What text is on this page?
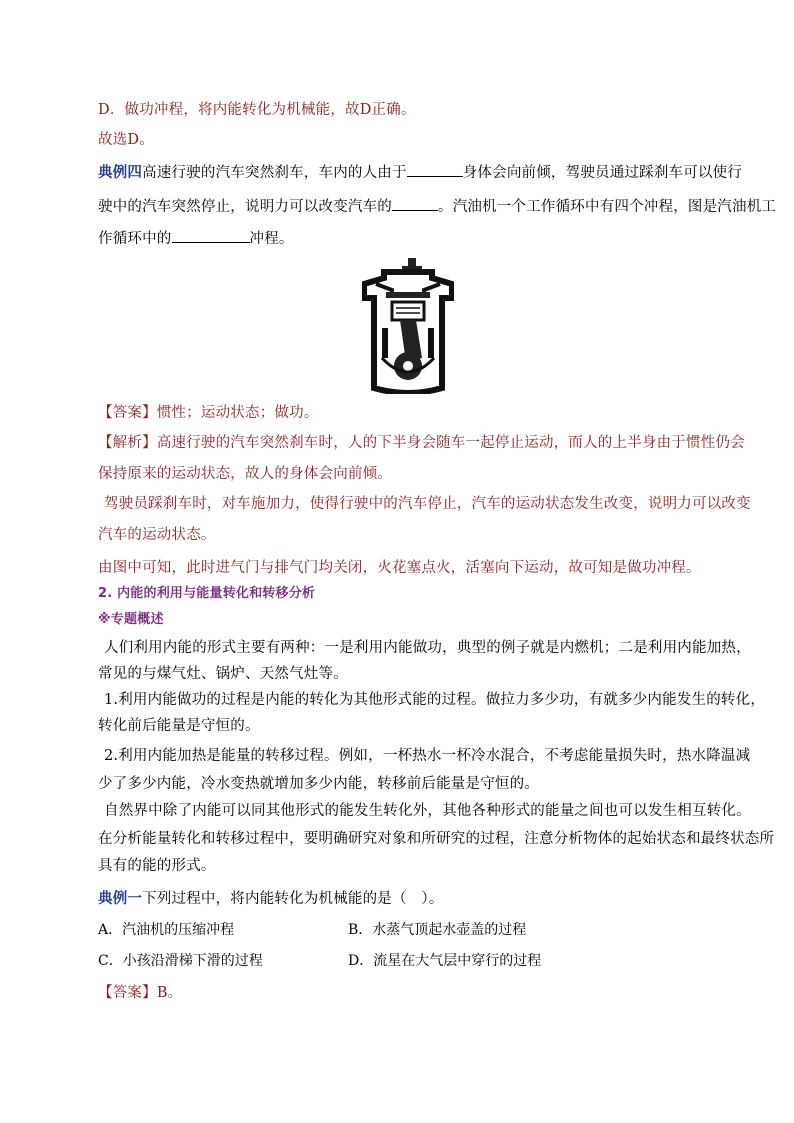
D．做功冲程，将内能转化为机械能，故D正确。
故选D。
典例四高速行驶的汽车突然刹车，车内的人由于	身体会向前倾，驾驶员通过踩刹车可以使行
驶中的汽车突然停止，说明力可以改变汽车的	。汽油机一个工作循环中有四个冲程，图是汽油机工
作循环中的	冲程。
【答案】惯性；运动状态；做功。
【解析】高速行驶的汽车突然刹车时，人的下半身会随车一起停止运动，而人的上半身由于惯性仍会
保持原来的运动状态，故人的身体会向前倾。
驾驶员踩刹车时，对车施加力，使得行驶中的汽车停止，汽车的运动状态发生改变，说明力可以改变
汽车的运动状态。
由图中可知，此时进气门与排气门均关闭，火花塞点火，活塞向下运动，故可知是做功冲程。
2. 内能的利用与能量转化和转移分析
※专题概述
人们利用内能的形式主要有两种：一是利用内能做功，典型的例子就是内燃机；二是利用内能加热，
常见的与煤气灶、锅炉、天然气灶等。
1.利用内能做功的过程是内能的转化为其他形式能的过程。做拉力多少功，有就多少内能发生的转化，
转化前后能量是守恒的。
2.利用内能加热是能量的转移过程。例如，一杯热水一杯冷水混合，不考虑能量损失时，热水降温减
少了多少内能，冷水变热就增加多少内能，转移前后能量是守恒的。
自然界中除了内能可以同其他形式的能发生转化外，其他各种形式的能量之间也可以发生相互转化。
在分析能量转化和转移过程中，要明确研究对象和所研究的过程，注意分析物体的起始状态和最终状态所
具有的能的形式。
典例一下列过程中，将内能转化为机械能的是（　）。
A．汽油机的压缩冲程	B．水蒸气顶起水壶盖的过程
C．小孩沿滑梯下滑的过程	D．流星在大气层中穿行的过程
【答案】B。
